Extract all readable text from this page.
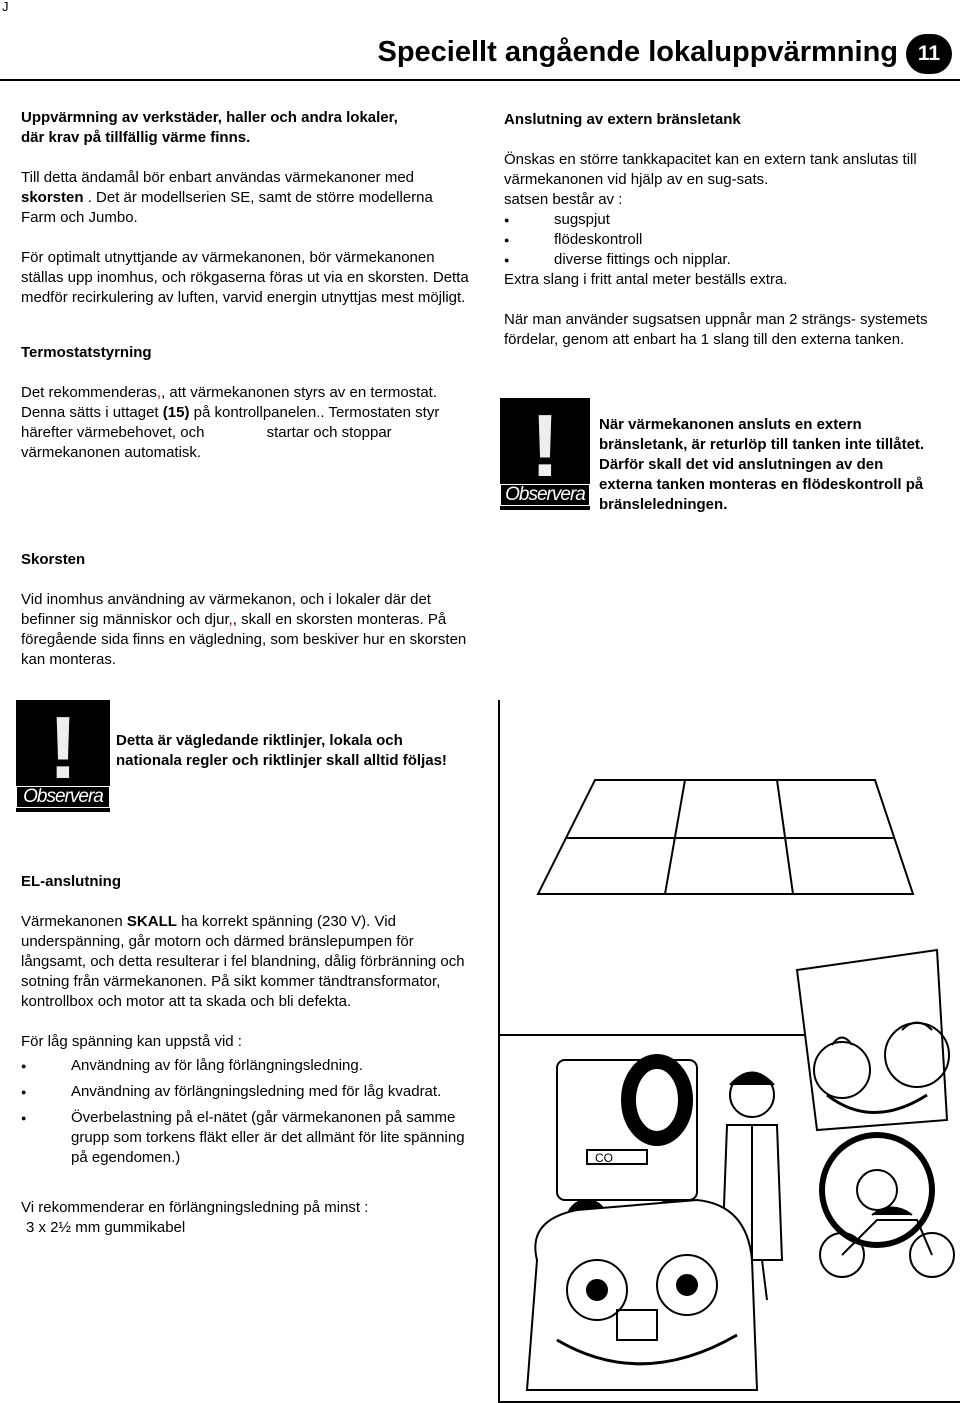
J
Speciellt angående lokaluppvärmning 11

Uppvärmning av verkstäder, haller och andra lokaler,
där krav på tillfällig värme finns.

Till detta ändamål bör enbart användas värmekanoner med skorsten . Det är modellserien SE, samt de större modellerna Farm och Jumbo.

För optimalt utnyttjande av värmekanonen, bör värmekanonen ställas upp inomhus, och rökgaserna föras ut via en skorsten. Detta medför recirkulering av luften, varvid energin utnyttjas mest möjligt.

Termostatstyrning

Det rekommenderas,, att värmekanonen styrs av en termostat. Denna sätts i uttaget (15) på kontrollpanelen.. Termostaten styr härefter värmebehovet, och	startar och stoppar värmekanonen automatisk.

Anslutning av extern bränsletank

Önskas en större tankkapacitet kan en extern tank anslutas till värmekanonen vid hjälp av en sug-sats.

satsen består av :

● sugspjut
● flödeskontroll
● diverse fittings och nipplar.

Extra slang i fritt antal meter beställs extra.

När man använder sugsatsen uppnår man 2 strängs- systemets fördelar, genom att enbart ha 1 slang till den externa tanken.

!
Observera
När värmekanonen ansluts en extern bränsletank, är returlöp till tanken inte tillåtet. Därför skall det vid anslutningen av den externa tanken monteras en flödeskontroll på bränsleledningen.

Skorsten

Vid inomhus användning av värmekanon, och i lokaler där det befinner sig människor och djur,, skall en skorsten monteras. På föregående sida finns en vägledning, som beskiver hur en skorsten kan monteras.

!
Observera
Detta är vägledande riktlinjer, lokala och nationala regler och riktlinjer skall alltid följas!

EL-anslutning

Värmekanonen SKALL ha korrekt spänning (230 V). Vid underspänning, går motorn och därmed bränslepumpen för långsamt, och detta resulterar i fel blandning, dålig förbränning och sotning från värmekanonen. På sikt kommer tändtransformator, kontrollbox och motor att ta skada och bli defekta.

För låg spänning kan uppstå vid :

● Användning av för lång förlängningsledning.
● Användning av förlängningsledning med för låg kvadrat.
● Överbelastning på el-nätet (går värmekanonen på samme grupp som torkens fläkt eller är det allmänt för lite spänning på egendomen.)

Vi rekommenderar en förlängningsledning på minst :

3 x 2½ mm gummikabel

CO
